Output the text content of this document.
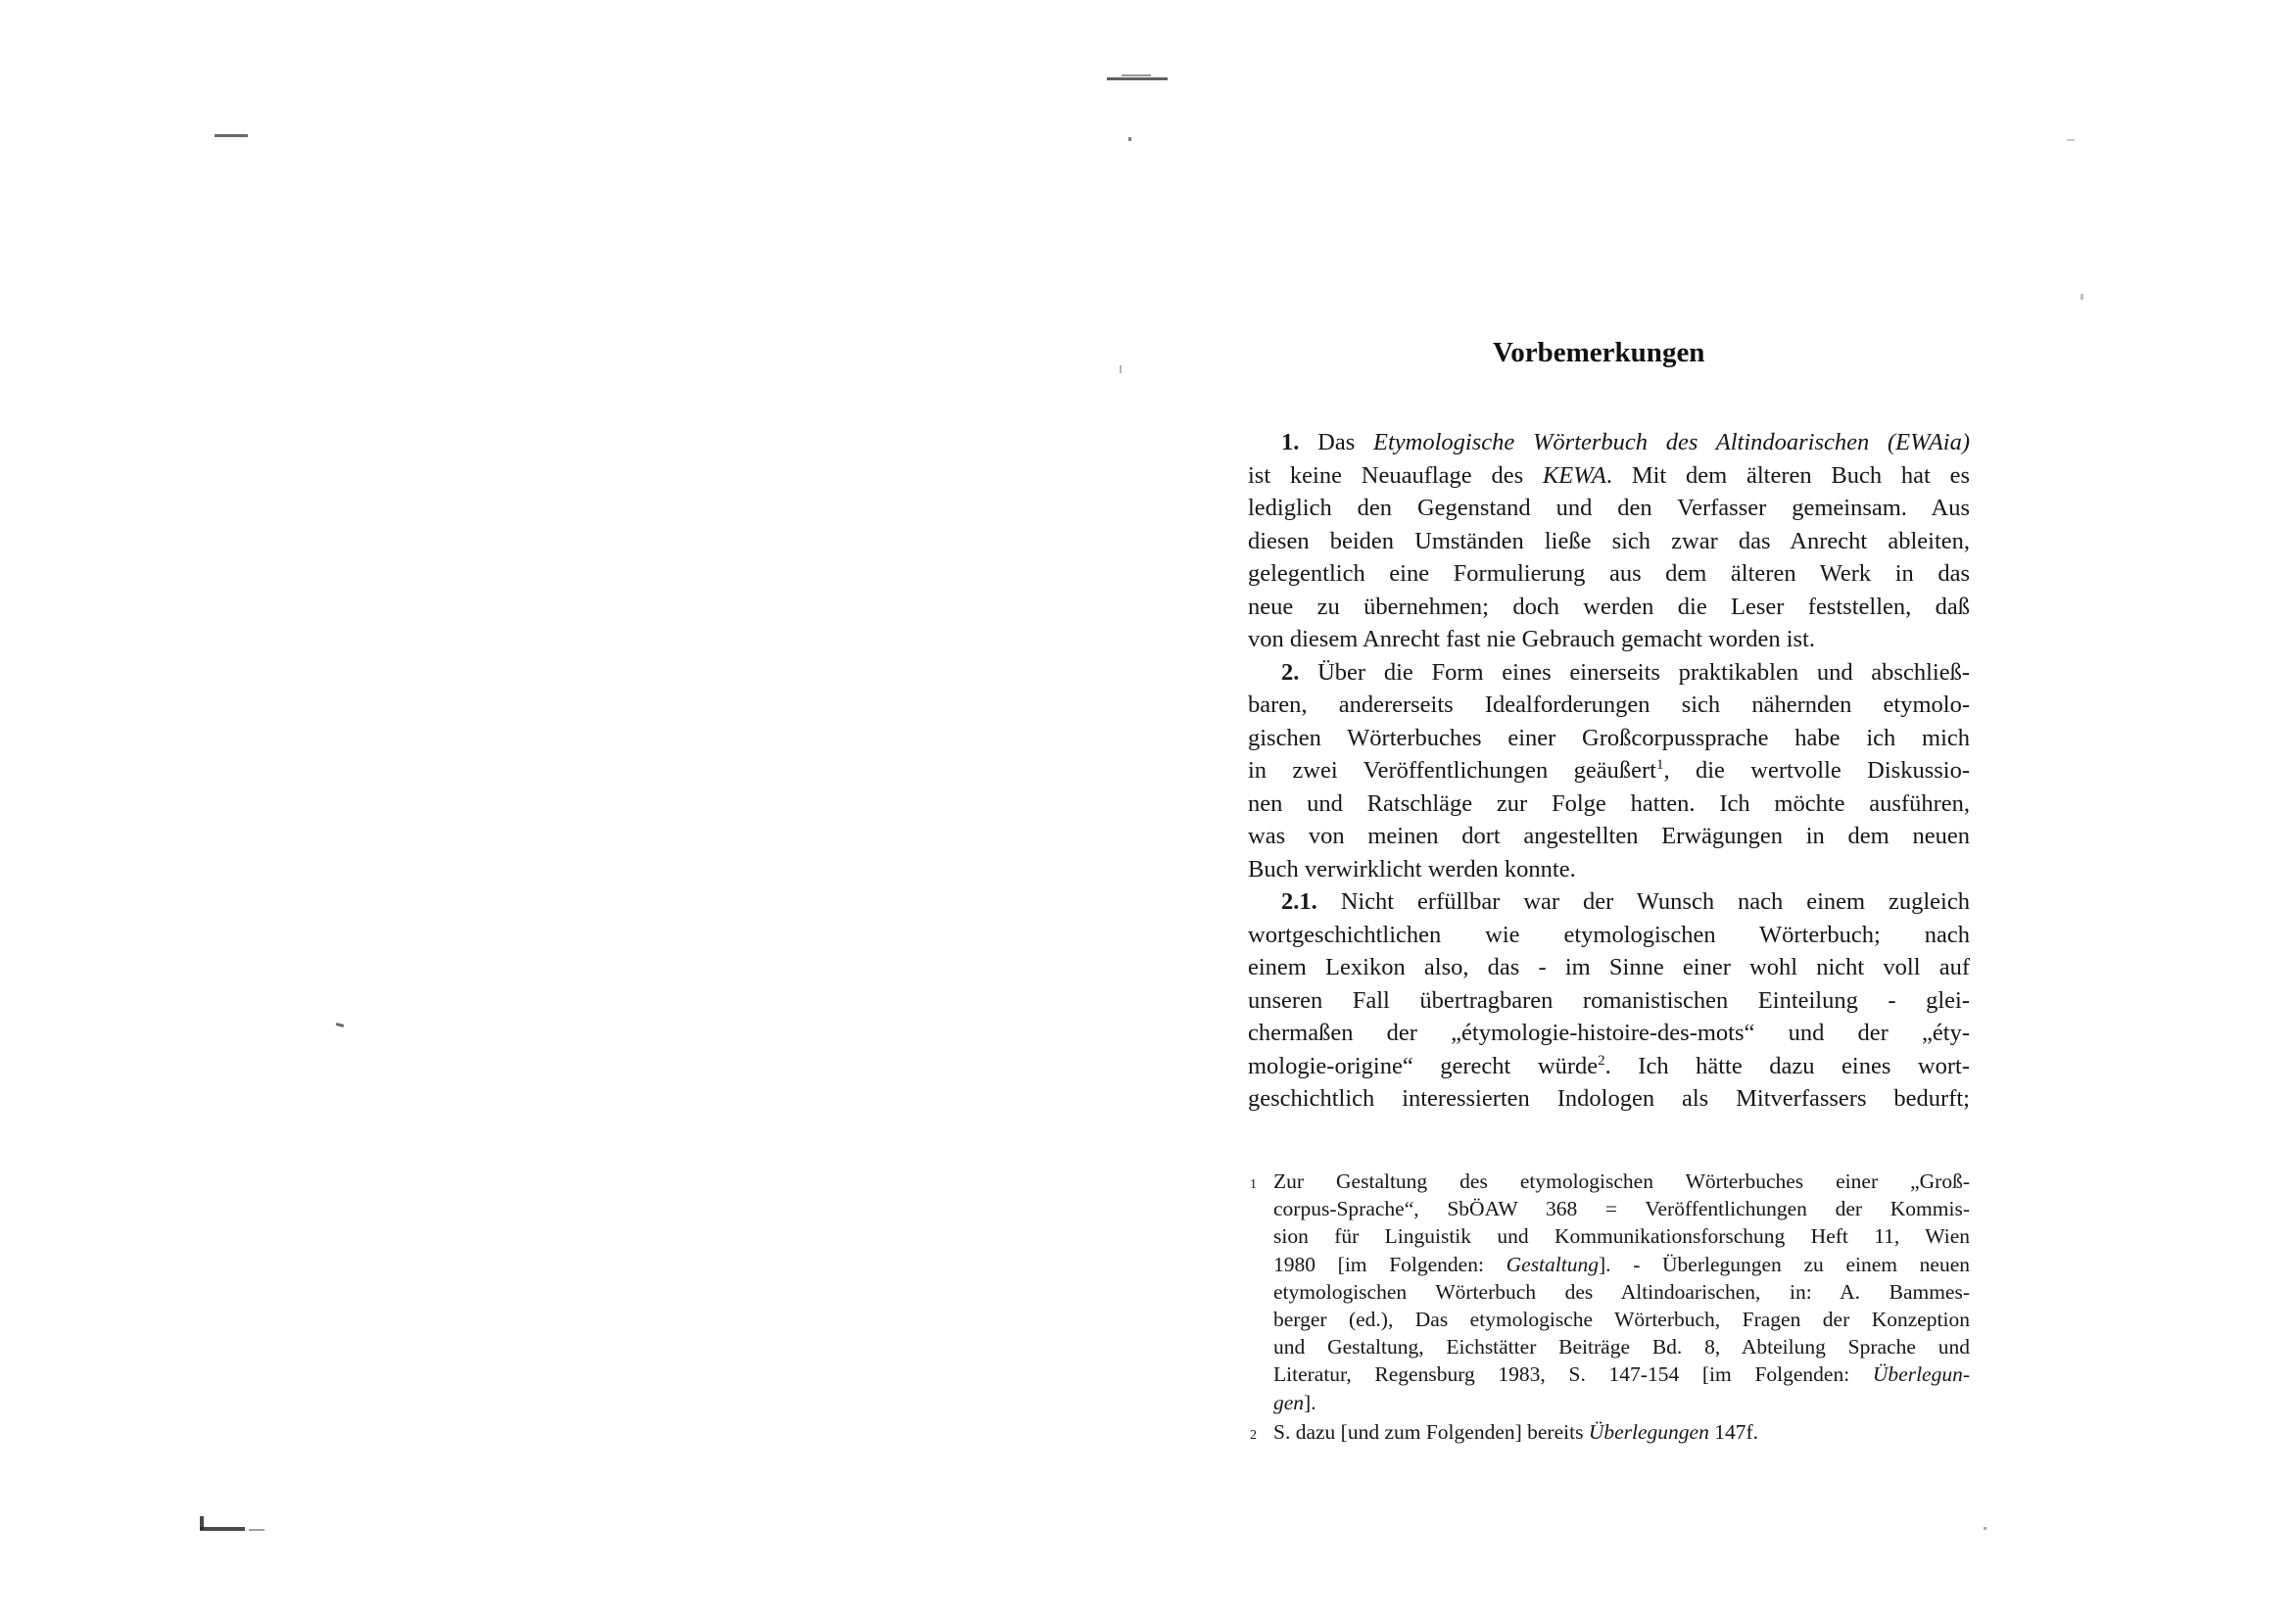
Vorbemerkungen
1. Das Etymologische Wörterbuch des Altindoarischen (EWAia)
ist keine Neuauflage des KEWA. Mit dem älteren Buch hat es
lediglich den Gegenstand und den Verfasser gemeinsam. Aus
diesen beiden Umständen ließe sich zwar das Anrecht ableiten,
gelegentlich eine Formulierung aus dem älteren Werk in das
neue zu übernehmen; doch werden die Leser feststellen, daß
von diesem Anrecht fast nie Gebrauch gemacht worden ist.
2. Über die Form eines einerseits praktikablen und abschließ-
baren, andererseits Idealforderungen sich nähernden etymolo-
gischen Wörterbuches einer Großcorpussprache habe ich mich
in zwei Veröffentlichungen geäußert$^1$, die wertvolle Diskussio-
nen und Ratschläge zur Folge hatten. Ich möchte ausführen,
was von meinen dort angestellten Erwägungen in dem neuen
Buch verwirklicht werden konnte.
2.1. Nicht erfüllbar war der Wunsch nach einem zugleich
wortgeschichtlichen wie etymologischen Wörterbuch; nach
einem Lexikon also, das - im Sinne einer wohl nicht voll auf
unseren Fall übertragbaren romanistischen Einteilung - glei-
chermaßen der „étymologie-histoire-des-mots“ und der „éty-
mologie-origine“ gerecht würde$^2$. Ich hätte dazu eines wort-
geschichtlich interessierten Indologen als Mitverfassers bedurft;
1 Zur Gestaltung des etymologischen Wörterbuches einer „Groß-
corpus-Sprache“, SbÖAW 368 = Veröffentlichungen der Kommis-
sion für Linguistik und Kommunikationsforschung Heft 11, Wien
1980 [im Folgenden: Gestaltung]. - Überlegungen zu einem neuen
etymologischen Wörterbuch des Altindoarischen, in: A. Bammes-
berger (ed.), Das etymologische Wörterbuch, Fragen der Konzeption
und Gestaltung, Eichstätter Beiträge Bd. 8, Abteilung Sprache und
Literatur, Regensburg 1983, S. 147-154 [im Folgenden: Überlegun-
gen].
2 S. dazu [und zum Folgenden] bereits Überlegungen 147f.
